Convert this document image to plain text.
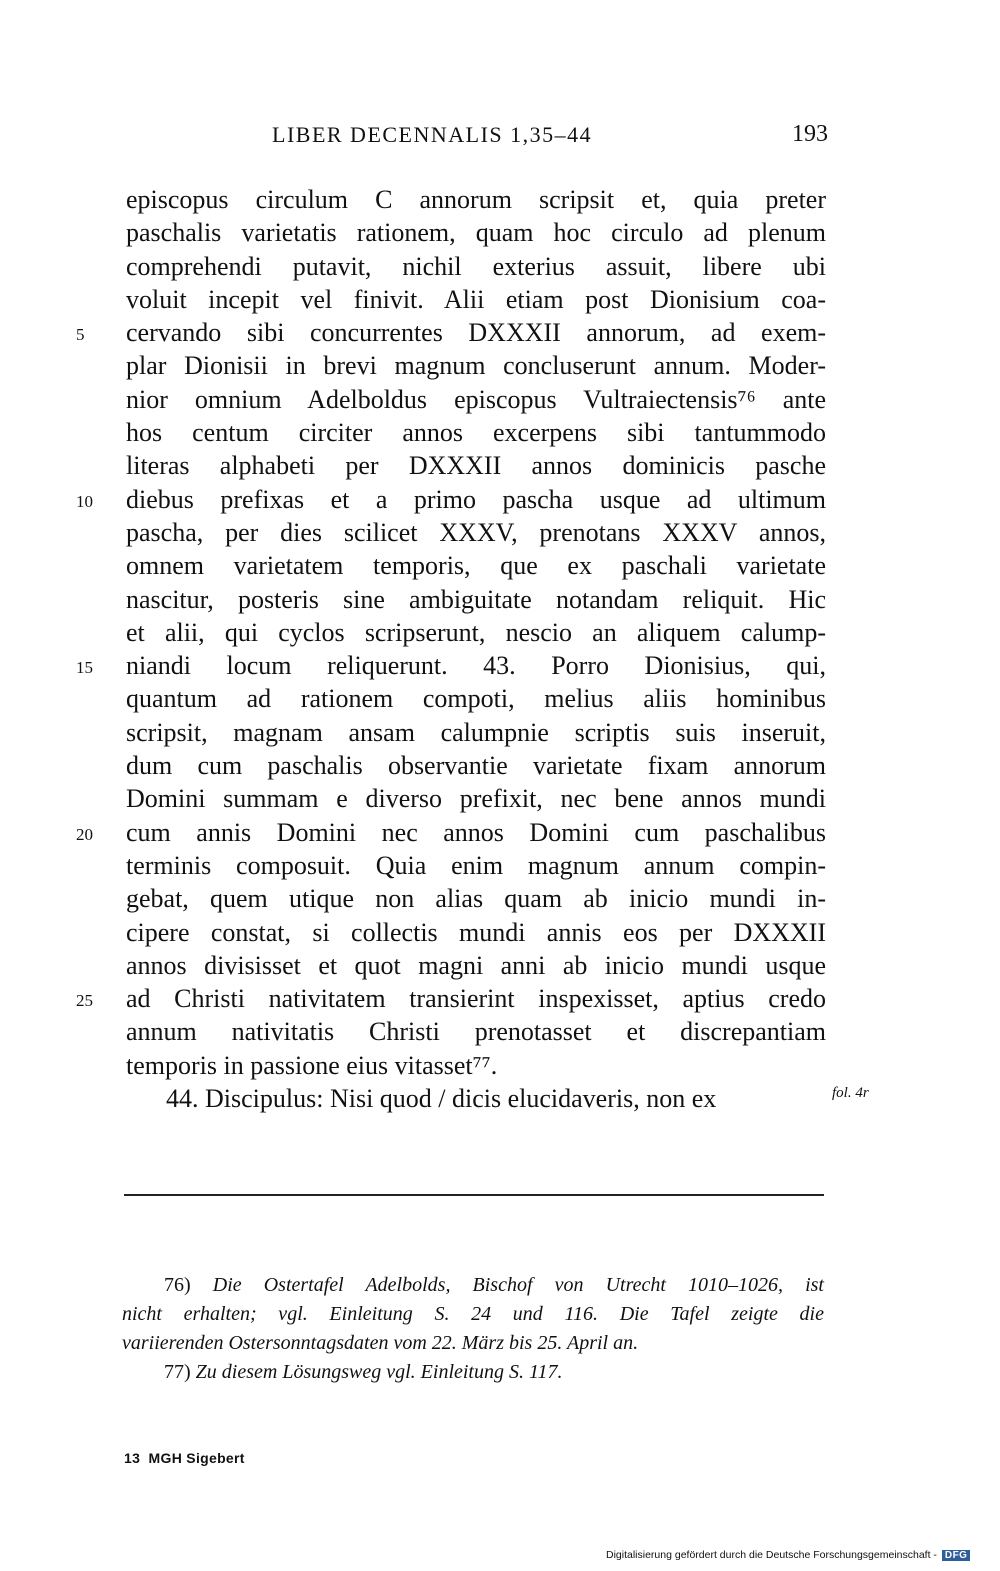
LIBER DECENNALIS 1,35–44	193
episcopus circulum C annorum scripsit et, quia preter
paschalis varietatis rationem, quam hoc circulo ad plenum
comprehendi putavit, nichil exterius assuit, libere ubi
voluit incepit vel finivit. Alii etiam post Dionisium coa-
5	cervando sibi concurrentes DXXXII annorum, ad exem-
plar Dionisii in brevi magnum concluserunt annum. Moder-
nior omnium Adelboldus episcopus Vultraiectensis⁷⁶ ante
hos centum circiter annos excerpens sibi tantummodo
literas alphabeti per DXXXII annos dominicis pasche
10	diebus prefixas et a primo pascha usque ad ultimum
pascha, per dies scilicet XXXV, prenotans XXXV annos,
omnem varietatem temporis, que ex paschali varietate
nascitur, posteris sine ambiguitate notandam reliquit. Hic
et alii, qui cyclos scripserunt, nescio an aliquem calump-
15	niandi locum reliquerunt. 43. Porro Dionisius, qui,
quantum ad rationem compoti, melius aliis hominibus
scripsit, magnam ansam calumpnie scriptis suis inseruit,
dum cum paschalis observantie varietate fixam annorum
Domini summam e diverso prefixit, nec bene annos mundi
20	cum annis Domini nec annos Domini cum paschalibus
terminis composuit. Quia enim magnum annum compin-
gebat, quem utique non alias quam ab inicio mundi in-
cipere constat, si collectis mundi annis eos per DXXXII
annos divisisset et quot magni anni ab inicio mundi usque
25	ad Christi nativitatem transierint inspexisset, aptius credo
annum nativitatis Christi prenotasset et discrepantiam
temporis in passione eius vitasset⁷⁷.
44. Discipulus: Nisi quod / dicis elucidaveris, non ex	fol. 4r
76) Die Ostertafel Adelbolds, Bischof von Utrecht 1010–1026, ist
nicht erhalten; vgl. Einleitung S. 24 und 116. Die Tafel zeigte die
variierenden Ostersonntagsdaten vom 22. März bis 25. April an.
77) Zu diesem Lösungsweg vgl. Einleitung S. 117.
13  MGH Sigebert
Digitalisierung gefördert durch die Deutsche Forschungsgemeinschaft - DFG
